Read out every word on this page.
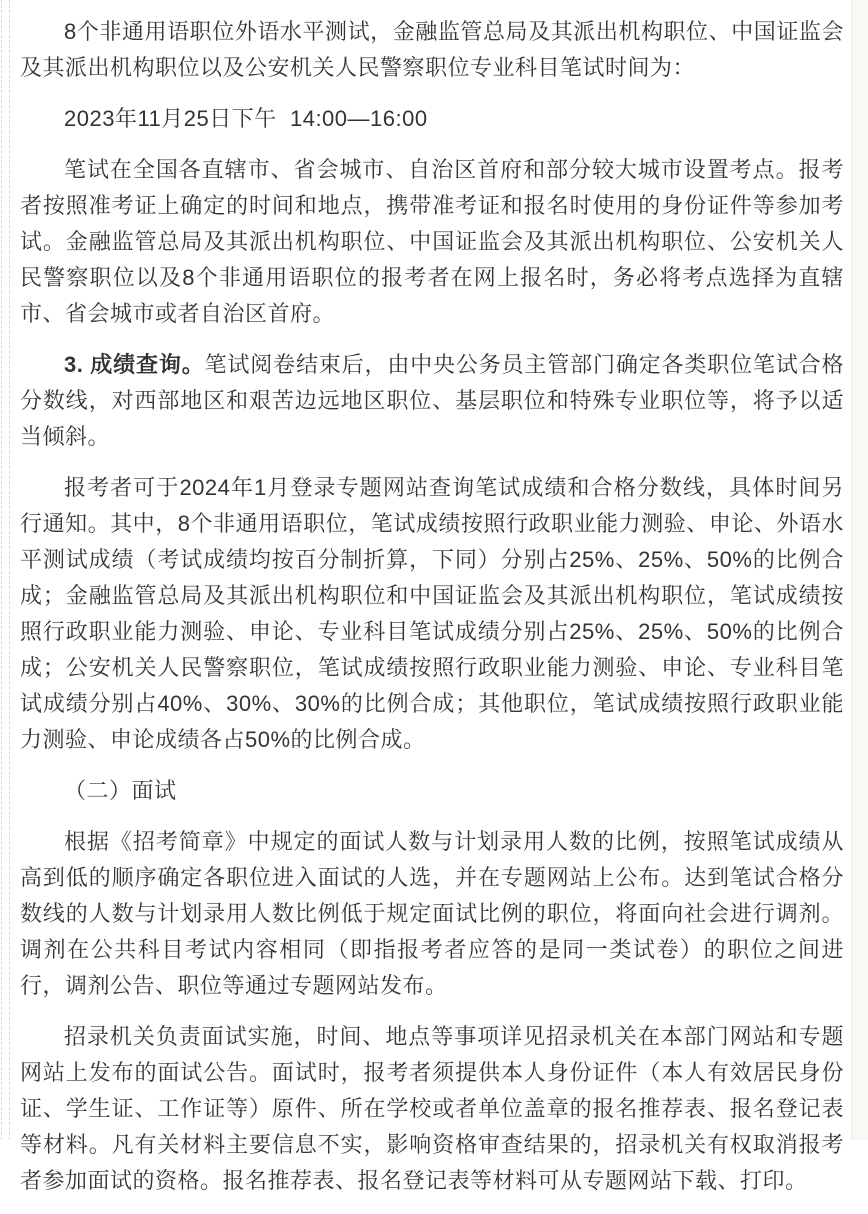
8个非通用语职位外语水平测试，金融监管总局及其派出机构职位、中国证监会及其派出机构职位以及公安机关人民警察职位专业科目笔试时间为：

2023年11月25日下午  14:00—16:00

笔试在全国各直辖市、省会城市、自治区首府和部分较大城市设置考点。报考者按照准考证上确定的时间和地点，携带准考证和报名时使用的身份证件等参加考试。金融监管总局及其派出机构职位、中国证监会及其派出机构职位、公安机关人民警察职位以及8个非通用语职位的报考者在网上报名时，务必将考点选择为直辖市、省会城市或者自治区首府。

3. 成绩查询。笔试阅卷结束后，由中央公务员主管部门确定各类职位笔试合格分数线，对西部地区和艰苦边远地区职位、基层职位和特殊专业职位等，将予以适当倾斜。

报考者可于2024年1月登录专题网站查询笔试成绩和合格分数线，具体时间另行通知。其中，8个非通用语职位，笔试成绩按照行政职业能力测验、申论、外语水平测试成绩（考试成绩均按百分制折算，下同）分别占25%、25%、50%的比例合成；金融监管总局及其派出机构职位和中国证监会及其派出机构职位，笔试成绩按照行政职业能力测验、申论、专业科目笔试成绩分别占25%、25%、50%的比例合成；公安机关人民警察职位，笔试成绩按照行政职业能力测验、申论、专业科目笔试成绩分别占40%、30%、30%的比例合成；其他职位，笔试成绩按照行政职业能力测验、申论成绩各占50%的比例合成。

（二）面试

根据《招考简章》中规定的面试人数与计划录用人数的比例，按照笔试成绩从高到低的顺序确定各职位进入面试的人选，并在专题网站上公布。达到笔试合格分数线的人数与计划录用人数比例低于规定面试比例的职位，将面向社会进行调剂。调剂在公共科目考试内容相同（即指报考者应答的是同一类试卷）的职位之间进行，调剂公告、职位等通过专题网站发布。

招录机关负责面试实施，时间、地点等事项详见招录机关在本部门网站和专题网站上发布的面试公告。面试时，报考者须提供本人身份证件（本人有效居民身份证、学生证、工作证等）原件、所在学校或者单位盖章的报名推荐表、报名登记表等材料。凡有关材料主要信息不实，影响资格审查结果的，招录机关有权取消报考者参加面试的资格。报名推荐表、报名登记表等材料可从专题网站下载、打印。
